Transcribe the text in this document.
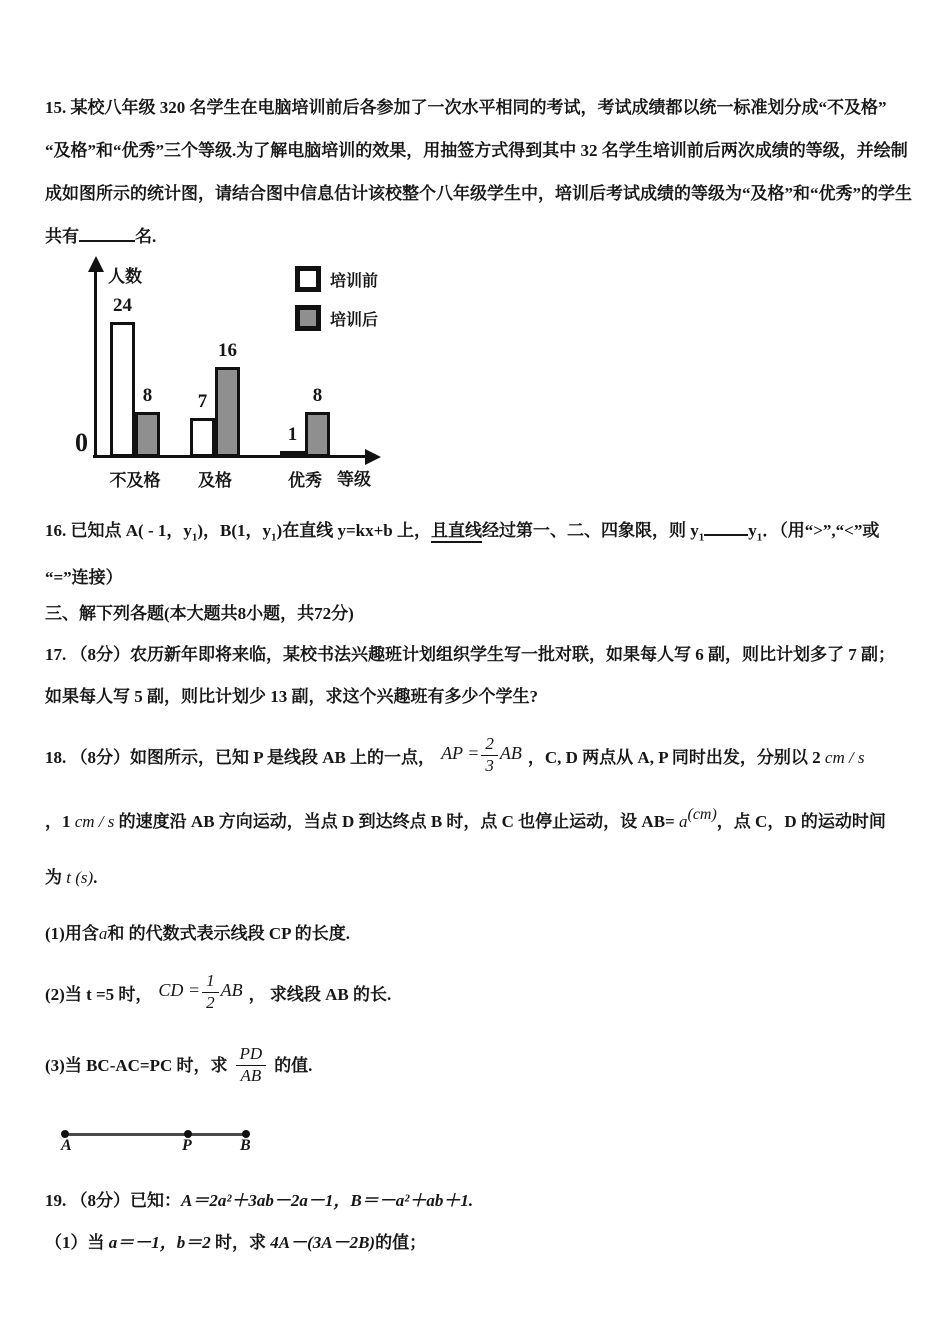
15. 某校八年级 320 名学生在电脑培训前后各参加了一次水平相同的考试，考试成绩都以统一标准划分成“不及格”
“及格”和“优秀”三个等级.为了解电脑培训的效果，用抽签方式得到其中 32 名学生培训前后两次成绩的等级，并绘制
成如图所示的统计图，请结合图中信息估计该校整个八年级学生中，培训后考试成绩的等级为“及格”和“优秀”的学生
共有	名.
人数
0
等级
培训前
培训后
24
8
不及格
7
16
及格
1
8
优秀
16. 已知点 A( - 1，$y_1$)，B(1，$y_1$)在直线 y=kx+b 上，且直线经过第一、二、四象限，则 $y_1$	$y_1$．（用“>”,“<”或
“=”连接）
三、解下列各题(本大题共8小题，共72分)
17. （8分）农历新年即将来临，某校书法兴趣班计划组织学生写一批对联，如果每人写 6 副，则比计划多了 7 副；
如果每人写 5 副，则比计划少 13 副，求这个兴趣班有多少个学生?
18. （8分）如图所示，已知 P 是线段 AB 上的一点， AP = $\frac{2}{3}$ AB ，C, D 两点从 A, P 同时出发，分别以 2 cm / s
，1 cm / s 的速度沿 AB 方向运动，当点 D 到达终点 B 时，点 C 也停止运动，设 AB= a(cm)，点 C，D 的运动时间
为 t (s).
(1)用含a和 的代数式表示线段 CP 的长度.
(2)当 t =5 时， CD = $\frac{1}{2}$ AB ， 求线段 AB 的长.
(3)当 BC-AC=PC 时，求 $\frac{PD}{AB}$ 的值.
A	P	B
19. （8分）已知：A＝2a²＋3ab－2a－1，B＝－a²＋ab＋1.
（1）当 a＝－1，b＝2 时，求 4A－(3A－2B)的值；
